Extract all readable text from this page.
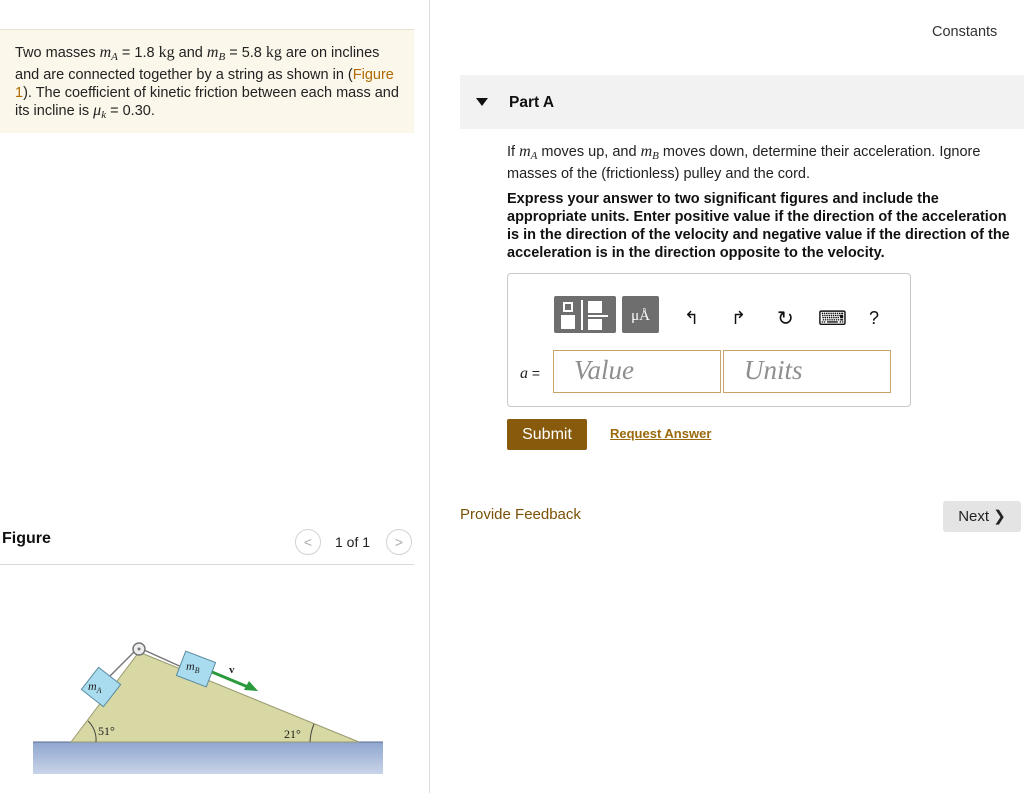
Two masses $m_A = 1.8$ kg and $m_B = 5.8$ kg are on inclines and are connected together by a string as shown in (Figure 1). The coefficient of kinetic friction between each mass and its incline is $\mu_k = 0.30$.
Constants
Part A
If $m_A$ moves up, and $m_B$ moves down, determine their acceleration. Ignore masses of the (frictionless) pulley and the cord.
Express your answer to two significant figures and include the appropriate units. Enter positive value if the direction of the acceleration is in the direction of the velocity and negative value if the direction of the acceleration is in the direction opposite to the velocity.
μÅ	↰ ↱ ↻ ⌨ ?
a =	Value	Units
Submit	Request Answer
Provide Feedback	Next ❯
Figure	<	1 of 1	>
$m_A$
$m_B$	v
51°	21°
